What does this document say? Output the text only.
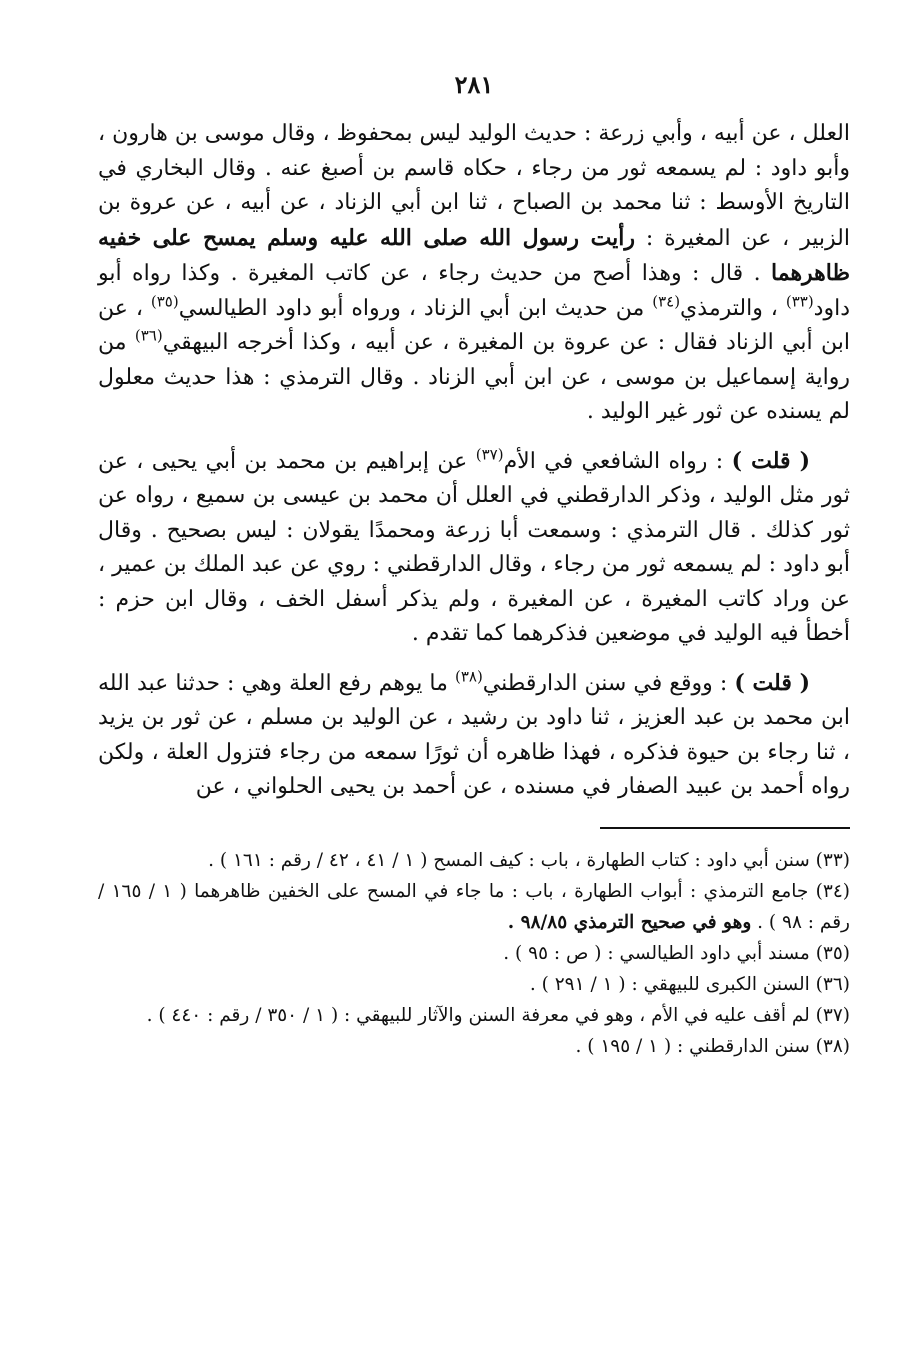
٢٨١

العلل ، عن أبيه ، وأبي زرعة : حديث الوليد ليس بمحفوظ ، وقال موسى بن هارون ، وأبو داود : لم يسمعه ثور من رجاء ، حكاه قاسم بن أصبغ عنه . وقال البخاري في التاريخ الأوسط : ثنا محمد بن الصباح ، ثنا ابن أبي الزناد ، عن أبيه ، عن عروة بن الزبير ، عن المغيرة : رأيت رسول الله صلى الله عليه وسلم يمسح على خفيه ظاهرهما . قال : وهذا أصح من حديث رجاء ، عن كاتب المغيرة . وكذا رواه أبو داود$^{(٣٣)}$ ، والترمذي$^{(٣٤)}$ من حديث ابن أبي الزناد ، ورواه أبو داود الطيالسي$^{(٣٥)}$ ، عن ابن أبي الزناد فقال : عن عروة بن المغيرة ، عن أبيه ، وكذا أخرجه البيهقي$^{(٣٦)}$ من رواية إسماعيل بن موسى ، عن ابن أبي الزناد . وقال الترمذي : هذا حديث معلول لم يسنده عن ثور غير الوليد .

( قلت ) : رواه الشافعي في الأم$^{(٣٧)}$ عن إبراهيم بن محمد بن أبي يحيى ، عن ثور مثل الوليد ، وذكر الدارقطني في العلل أن محمد بن عيسى بن سميع ، رواه عن ثور كذلك . قال الترمذي : وسمعت أبا زرعة ومحمدًا يقولان : ليس بصحيح . وقال أبو داود : لم يسمعه ثور من رجاء ، وقال الدارقطني : روي عن عبد الملك بن عمير ، عن وراد كاتب المغيرة ، عن المغيرة ، ولم يذكر أسفل الخف ، وقال ابن حزم : أخطأ فيه الوليد في موضعين فذكرهما كما تقدم .

( قلت ) : ووقع في سنن الدارقطني$^{(٣٨)}$ ما يوهم رفع العلة وهي : حدثنا عبد الله ابن محمد بن عبد العزيز ، ثنا داود بن رشيد ، عن الوليد بن مسلم ، عن ثور بن يزيد ، ثنا رجاء بن حيوة فذكره ، فهذا ظاهره أن ثورًا سمعه من رجاء فتزول العلة ، ولكن رواه أحمد بن عبيد الصفار في مسنده ، عن أحمد بن يحيى الحلواني ، عن

(٣٣) سنن أبي داود : كتاب الطهارة ، باب : كيف المسح ( ١ / ٤١ ، ٤٢ / رقم : ١٦١ ) .
(٣٤) جامع الترمذي : أبواب الطهارة ، باب : ما جاء في المسح على الخفين ظاهرهما ( ١ / ١٦٥ / رقم : ٩٨ ) . وهو في صحيح الترمذي ٩٨/٨٥ .
(٣٥) مسند أبي داود الطيالسي : ( ص : ٩٥ ) .
(٣٦) السنن الكبرى للبيهقي : ( ١ / ٢٩١ ) .
(٣٧) لم أقف عليه في الأم ، وهو في معرفة السنن والآثار للبيهقي : ( ١ / ٣٥٠ / رقم : ٤٤٠ ) .
(٣٨) سنن الدارقطني : ( ١ / ١٩٥ ) .
